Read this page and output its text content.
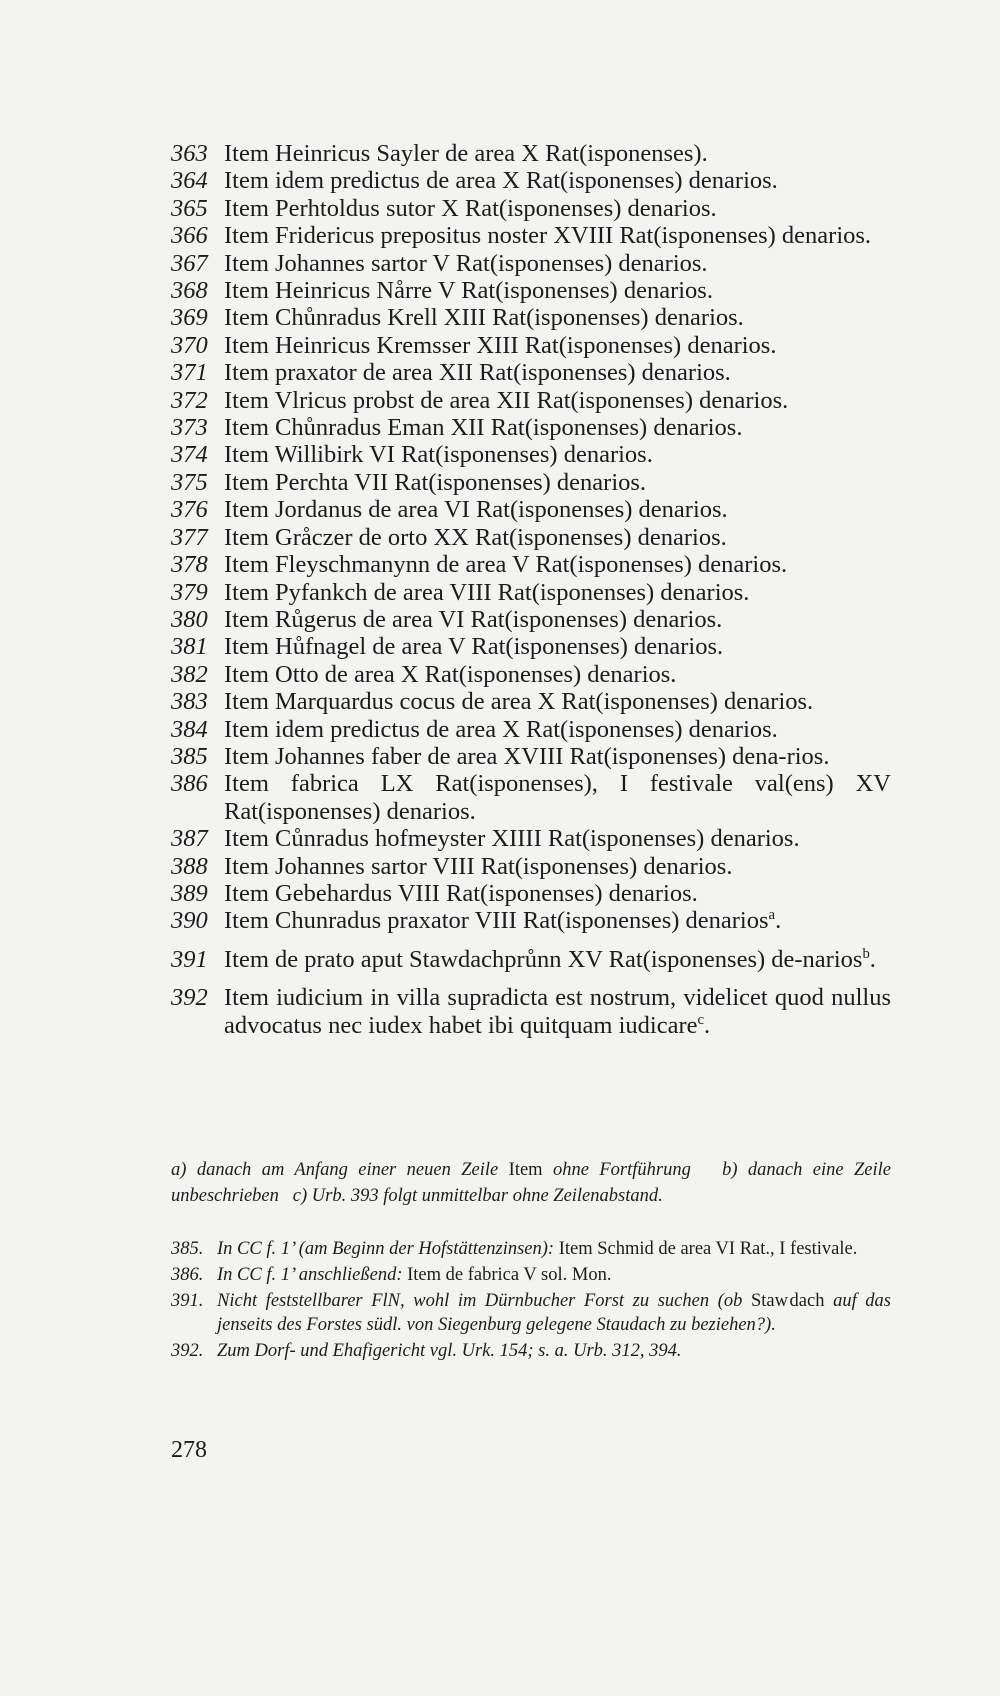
363 Item Heinricus Sayler de area X Rat(isponenses).
364 Item idem predictus de area X Rat(isponenses) denarios.
365 Item Perhtoldus sutor X Rat(isponenses) denarios.
366 Item Fridericus prepositus noster XVIII Rat(isponenses) denarios.
367 Item Johannes sartor V Rat(isponenses) denarios.
368 Item Heinricus Nårre V Rat(isponenses) denarios.
369 Item Chůnradus Krell XIII Rat(isponenses) denarios.
370 Item Heinricus Kremsser XIII Rat(isponenses) denarios.
371 Item praxator de area XII Rat(isponenses) denarios.
372 Item Vlricus probst de area XII Rat(isponenses) denarios.
373 Item Chůnradus Eman XII Rat(isponenses) denarios.
374 Item Willibirk VI Rat(isponenses) denarios.
375 Item Perchta VII Rat(isponenses) denarios.
376 Item Jordanus de area VI Rat(isponenses) denarios.
377 Item Gråczer de orto XX Rat(isponenses) denarios.
378 Item Fleyschmanynn de area V Rat(isponenses) denarios.
379 Item Pyfankch de area VIII Rat(isponenses) denarios.
380 Item Růgerus de area VI Rat(isponenses) denarios.
381 Item Hůfnagel de area V Rat(isponenses) denarios.
382 Item Otto de area X Rat(isponenses) denarios.
383 Item Marquardus cocus de area X Rat(isponenses) denarios.
384 Item idem predictus de area X Rat(isponenses) denarios.
385 Item Johannes faber de area XVIII Rat(isponenses) dena-rios.
386 Item fabrica LX Rat(isponenses), I festivale val(ens) XV Rat(isponenses) denarios.
387 Item Cůnradus hofmeyster XIIII Rat(isponenses) denarios.
388 Item Johannes sartor VIII Rat(isponenses) denarios.
389 Item Gebehardus VIII Rat(isponenses) denarios.
390 Item Chunradus praxator VIII Rat(isponenses) denarios$^a$.
391 Item de prato aput Stawdachprůnn XV Rat(isponenses) de-narios$^b$.
392 Item iudicium in villa supradicta est nostrum, videlicet quod nullus advocatus nec iudex habet ibi quitquam iudicare$^c$.
a) danach am Anfang einer neuen Zeile Item ohne Fortführung   b) danach eine Zeile unbeschrieben   c) Urb. 393 folgt unmittelbar ohne Zeilenabstand.
385. In CC f. 1’ (am Beginn der Hofstättenzinsen): Item Schmid de area VI Rat., I festivale.
386. In CC f. 1’ anschließend: Item de fabrica V sol. Mon.
391. Nicht feststellbarer FlN, wohl im Dürnbucher Forst zu suchen (ob Staw dach auf das jenseits des Forstes südl. von Siegenburg gelegene Staudach zu beziehen?).
392. Zum Dorf- und Ehafigericht vgl. Urk. 154; s. a. Urb. 312, 394.
278
